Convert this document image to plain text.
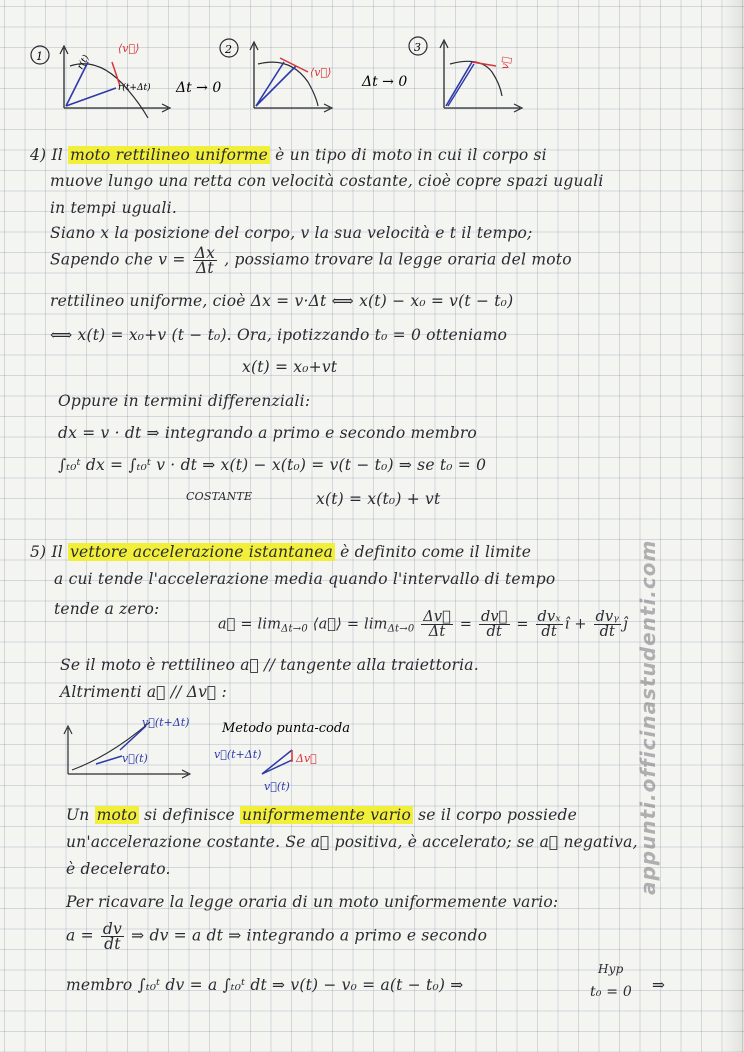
1	r(t)
r(t+Δt)
⟨v⃗⟩
Δt → 0
2
⟨v⃗⟩
Δt → 0
3
v⃗
4) Il moto rettilineo uniforme è un tipo di moto in cui il corpo si
muove lungo una retta con velocità costante, cioè copre spazi uguali
in tempi uguali.
Siano x la posizione del corpo, v la sua velocità e t il tempo;
Sapendo che $v = \frac{\Delta x}{\Delta t}$ , possiamo trovare la legge oraria del moto
rettilineo uniforme, cioè Δx = v·Δt ⟺ x(t) − x₀ = v(t − t₀)
⟺ x(t) = x₀+v (t − t₀). Ora, ipotizzando t₀ = 0 otteniamo
x(t) = x₀+vt
Oppure in termini differenziali:
dx = v · dt ⇒ integrando a primo e secondo membro
∫ₜ₀ᵗ dx = ∫ₜ₀ᵗ v · dt ⇒ x(t) − x(t₀) = v(t − t₀) ⇒ se t₀ = 0
COSTANTE	x(t) = x(t₀) + vt
5) Il vettore accelerazione istantanea è definito come il limite
a cui tende l'accelerazione media quando l'intervallo di tempo
tende a zero:
a⃗ = $\lim_{\Delta t\to 0}$ ⟨a⃗⟩ = $\lim_{\Delta t\to 0} \frac{\Delta v⃗}{\Delta t} = \frac{dv⃗}{dt} = \frac{\text{dvₓ}}{dt}$ î + $\frac{\text{dvᵧ}}{dt}$ ĵ
Se il moto è rettilineo a⃗ // tangente alla traiettoria.
Altrimenti a⃗ // Δv⃗ :
v⃗(t+Δt)
v⃗(t)
Metodo punta-coda
v⃗(t+Δt)	Δv⃗
v⃗(t)
Un moto si definisce uniformemente vario se il corpo possiede
un'accelerazione costante. Se a⃗ positiva, è accelerato; se a⃗ negativa,
è decelerato.
Per ricavare la legge oraria di un moto uniformemente vario:
$a = \frac{dv}{dt}$ ⇒ dv = a dt ⇒ integrando a primo e secondo
membro ∫ₜ₀ᵗ dv = a ∫ₜ₀ᵗ dt ⇒ v(t) − v₀ = a(t − t₀) ⇒
Hyp
t₀ = 0 ⇒
appunti.officinastudenti.com
